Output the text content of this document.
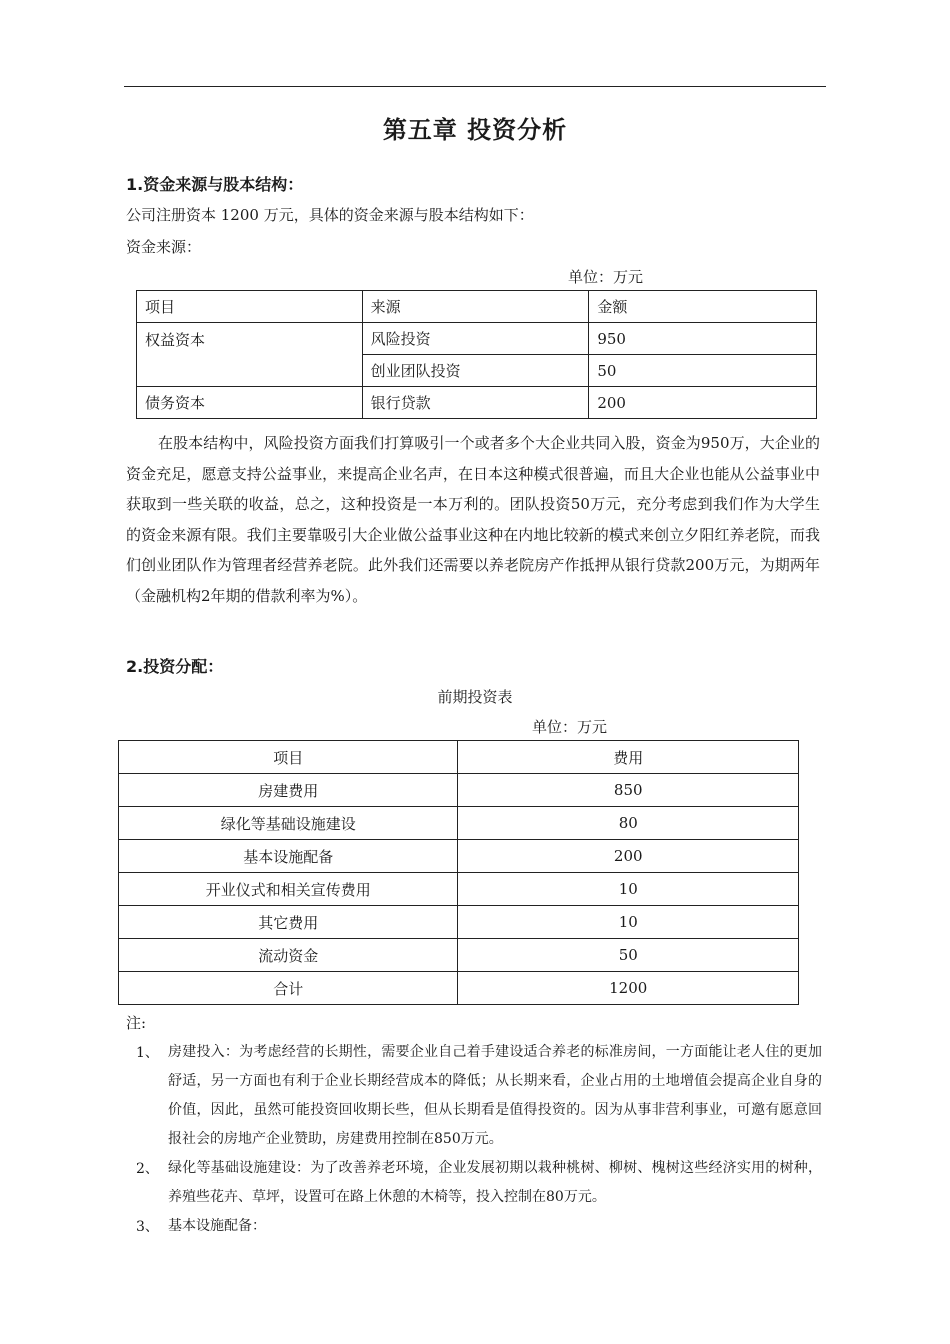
第五章 投资分析
1.资金来源与股本结构：
公司注册资本 1200 万元，具体的资金来源与股本结构如下：
资金来源：
单位：万元
项目	来源	金额
权益资本	风险投资	950
	创业团队投资	50
债务资本	银行贷款	200
在股本结构中，风险投资方面我们打算吸引一个或者多个大企业共同入股，资金为950万，大企业的资金充足，愿意支持公益事业，来提高企业名声，在日本这种模式很普遍，而且大企业也能从公益事业中获取到一些关联的收益，总之，这种投资是一本万利的。团队投资50万元，充分考虑到我们作为大学生的资金来源有限。我们主要靠吸引大企业做公益事业这种在内地比较新的模式来创立夕阳红养老院，而我们创业团队作为管理者经营养老院。此外我们还需要以养老院房产作抵押从银行贷款200万元，为期两年（金融机构2年期的借款利率为%）。
2.投资分配：
前期投资表
单位：万元
项目	费用
房建费用	850
绿化等基础设施建设	80
基本设施配备	200
开业仪式和相关宣传费用	10
其它费用	10
流动资金	50
合计	1200
注:
1、 房建投入：为考虑经营的长期性，需要企业自己着手建设适合养老的标准房间，一方面能让老人住的更加舒适，另一方面也有利于企业长期经营成本的降低；从长期来看，企业占用的土地增值会提高企业自身的价值，因此，虽然可能投资回收期长些，但从长期看是值得投资的。因为从事非营利事业，可邀有愿意回报社会的房地产企业赞助，房建费用控制在850万元。
2、 绿化等基础设施建设：为了改善养老环境，企业发展初期以栽种桃树、柳树、槐树这些经济实用的树种，养殖些花卉、草坪，设置可在路上休憩的木椅等，投入控制在80万元。
3、 基本设施配备：
